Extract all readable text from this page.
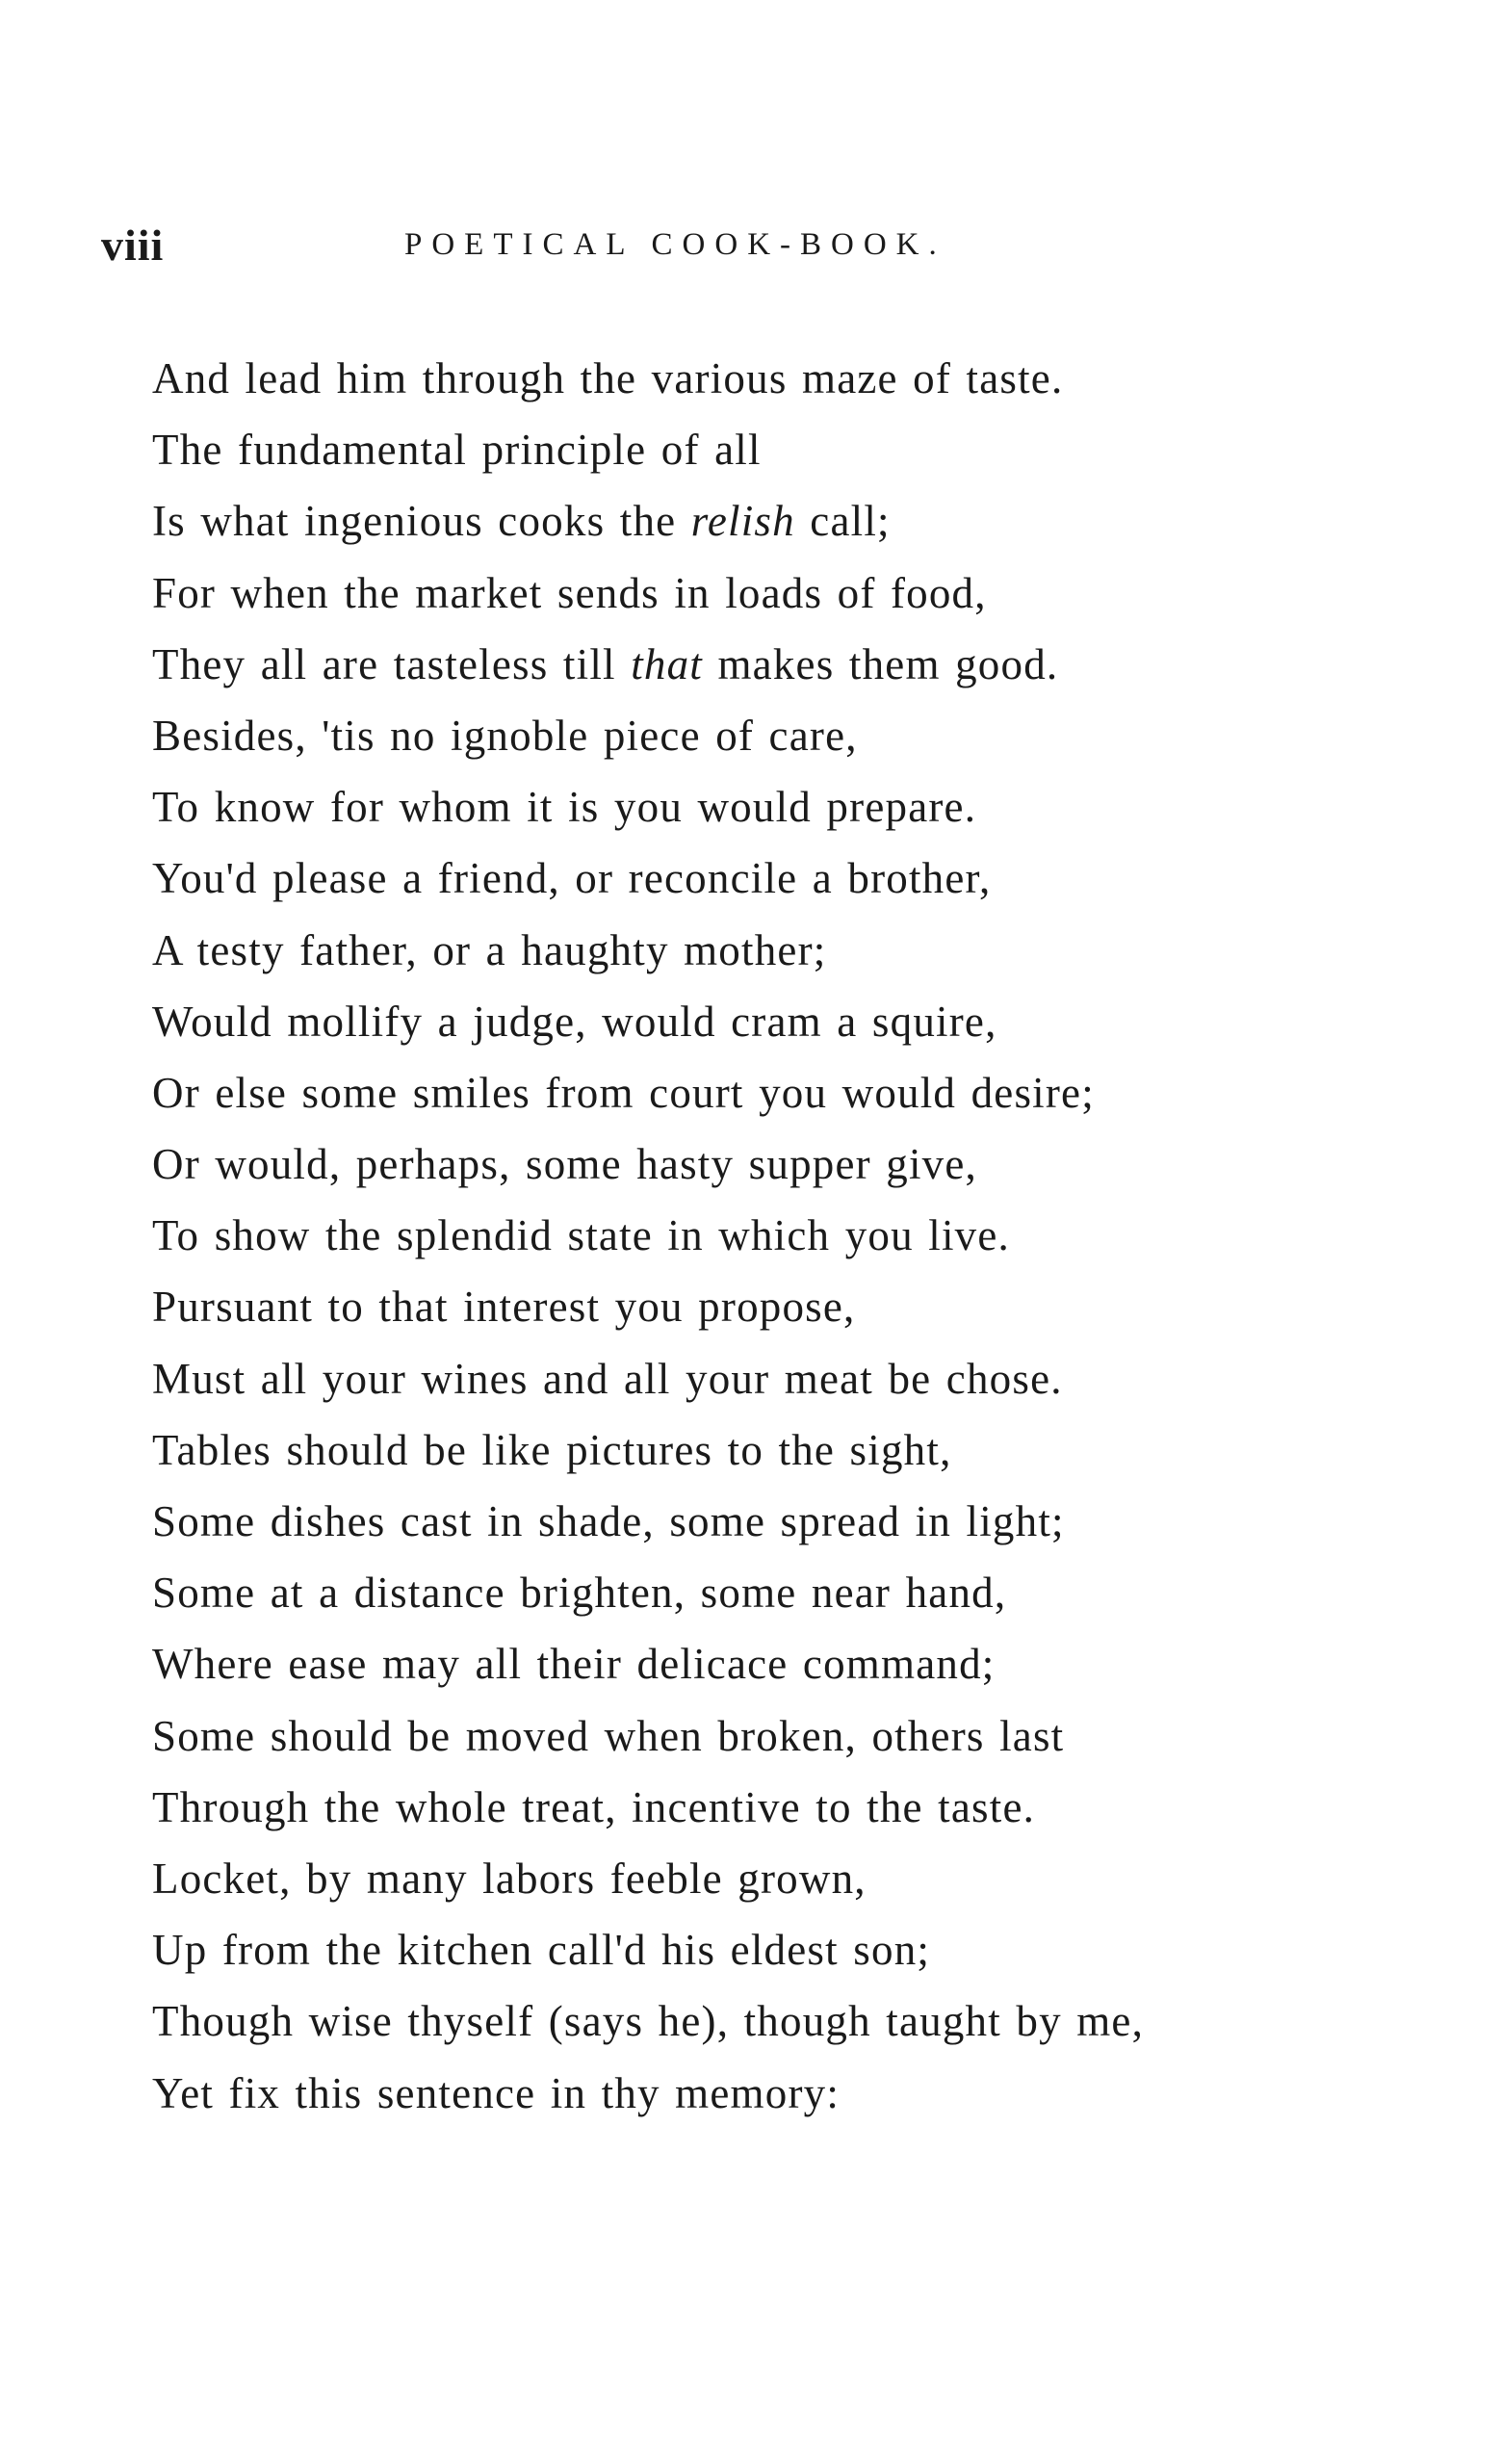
viii	POETICAL COOK-BOOK.
And lead him through the various maze of taste.
The fundamental principle of all
Is what ingenious cooks the relish call;
For when the market sends in loads of food,
They all are tasteless till that makes them good.
Besides, 'tis no ignoble piece of care,
To know for whom it is you would prepare.
You'd please a friend, or reconcile a brother,
A testy father, or a haughty mother;
Would mollify a judge, would cram a squire,
Or else some smiles from court you would desire;
Or would, perhaps, some hasty supper give,
To show the splendid state in which you live.
Pursuant to that interest you propose,
Must all your wines and all your meat be chose.
Tables should be like pictures to the sight,
Some dishes cast in shade, some spread in light;
Some at a distance brighten, some near hand,
Where ease may all their delicace command;
Some should be moved when broken, others last
Through the whole treat, incentive to the taste.
Locket, by many labors feeble grown,
Up from the kitchen call'd his eldest son;
Though wise thyself (says he), though taught by me,
Yet fix this sentence in thy memory:
